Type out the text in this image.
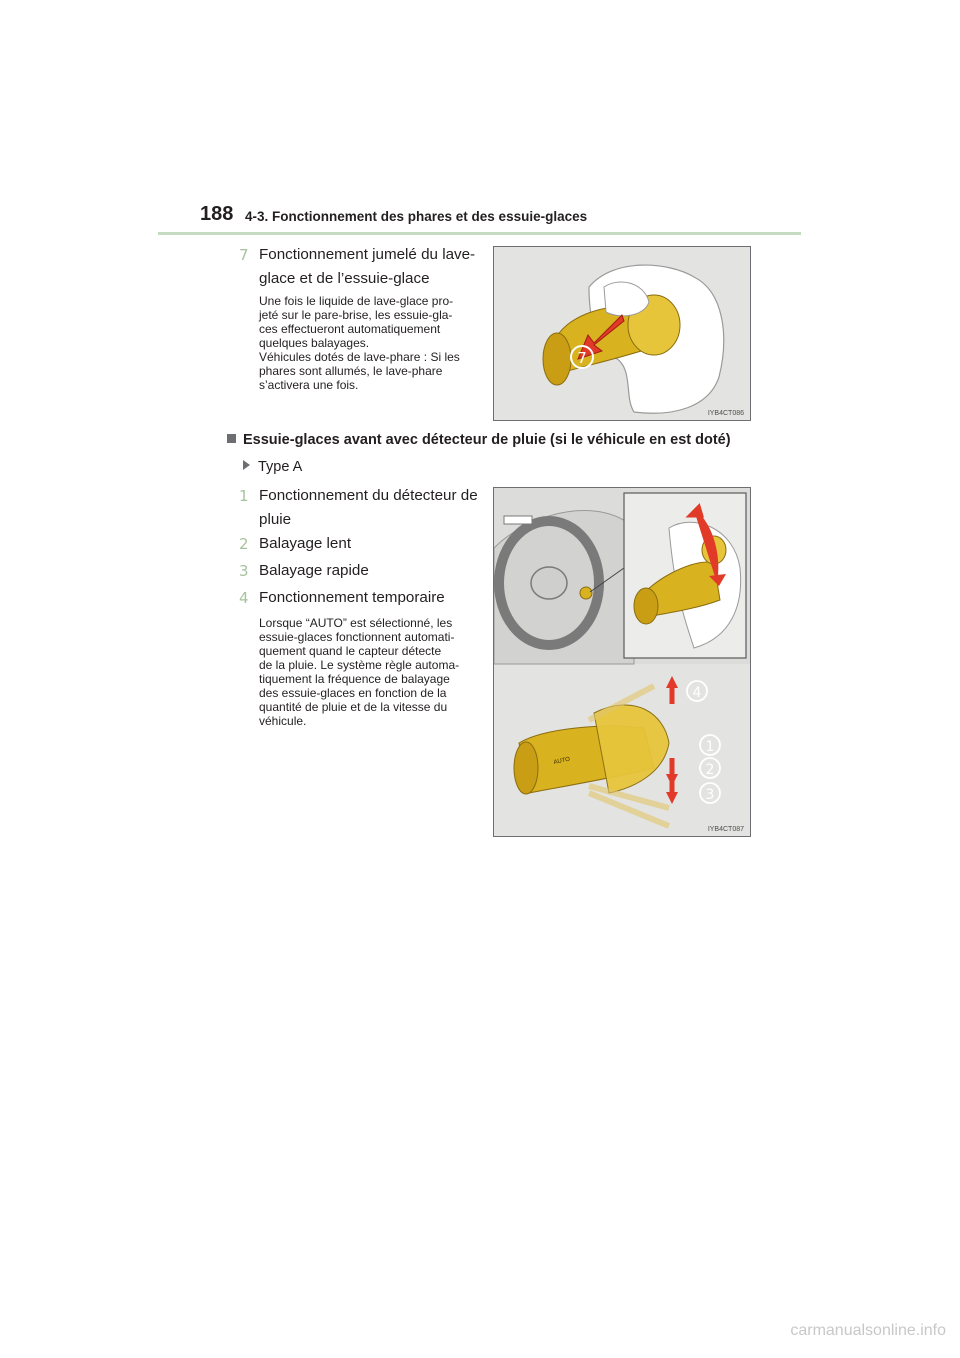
188 4-3. Fonctionnement des phares et des essuie-glaces
7 Fonctionnement jumelé du lave-
glace et de l’essuie-glace
Une fois le liquide de lave-glace pro-
jeté sur le pare-brise, les essuie-gla-
ces effectueront automatiquement
quelques balayages.
Véhicules dotés de lave-phare : Si les
phares sont allumés, le lave-phare
s’activera une fois.
7
IYB4CT086
Essuie-glaces avant avec détecteur de pluie (si le véhicule en est doté)
Type A
1 Fonctionnement du détecteur de
pluie
2 Balayage lent
3 Balayage rapide
4 Fonctionnement temporaire
Lorsque “AUTO” est sélectionné, les
essuie-glaces fonctionnent automati-
quement quand le capteur détecte
de la pluie. Le système règle automa-
tiquement la fréquence de balayage
des essuie-glaces en fonction de la
quantité de pluie et de la vitesse du
véhicule.
AUTO
4
1
2
3
IYB4CT087
carmanualsonline.info
